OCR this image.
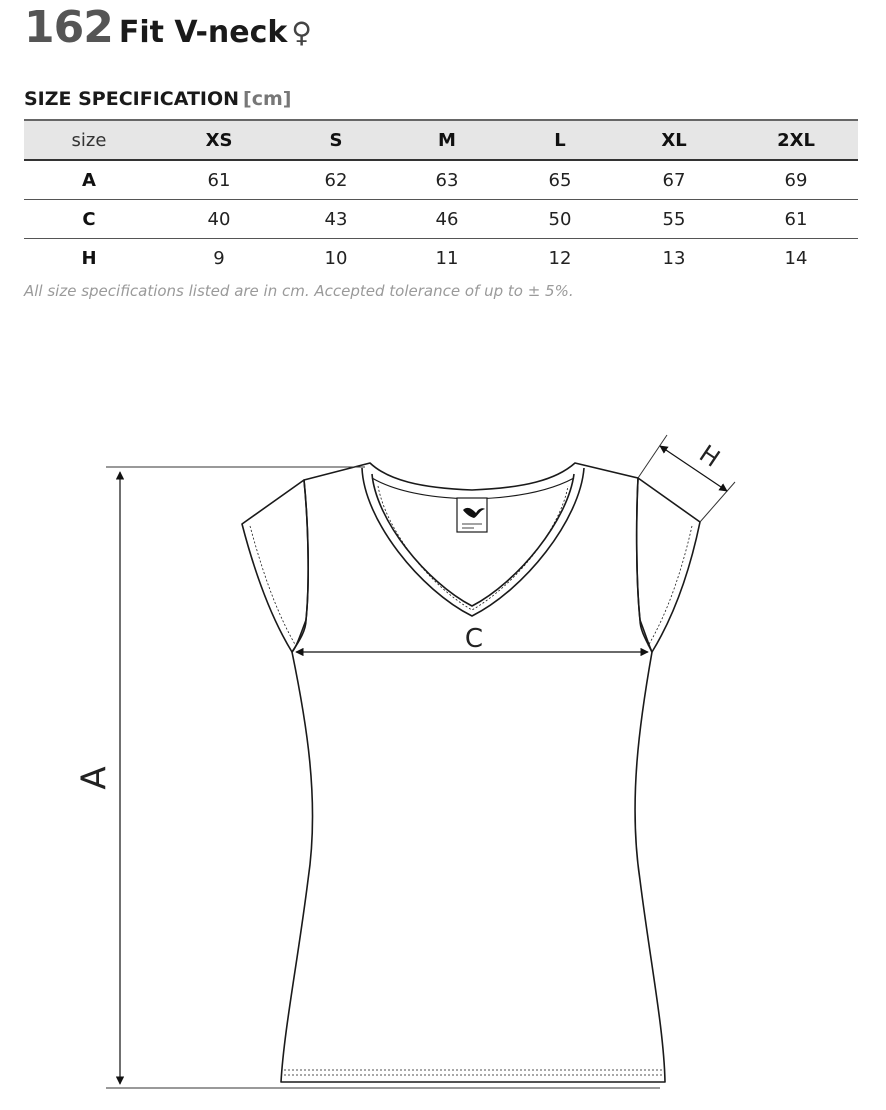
162 Fit V-neck ♀
SIZE SPECIFICATION [cm]
size	XS	S	M	L	XL	2XL
A	61	62	63	65	67	69
C	40	43	46	50	55	61
H	9	10	11	12	13	14
All size specifications listed are in cm. Accepted tolerance of up to ± 5%.
A
C
H
